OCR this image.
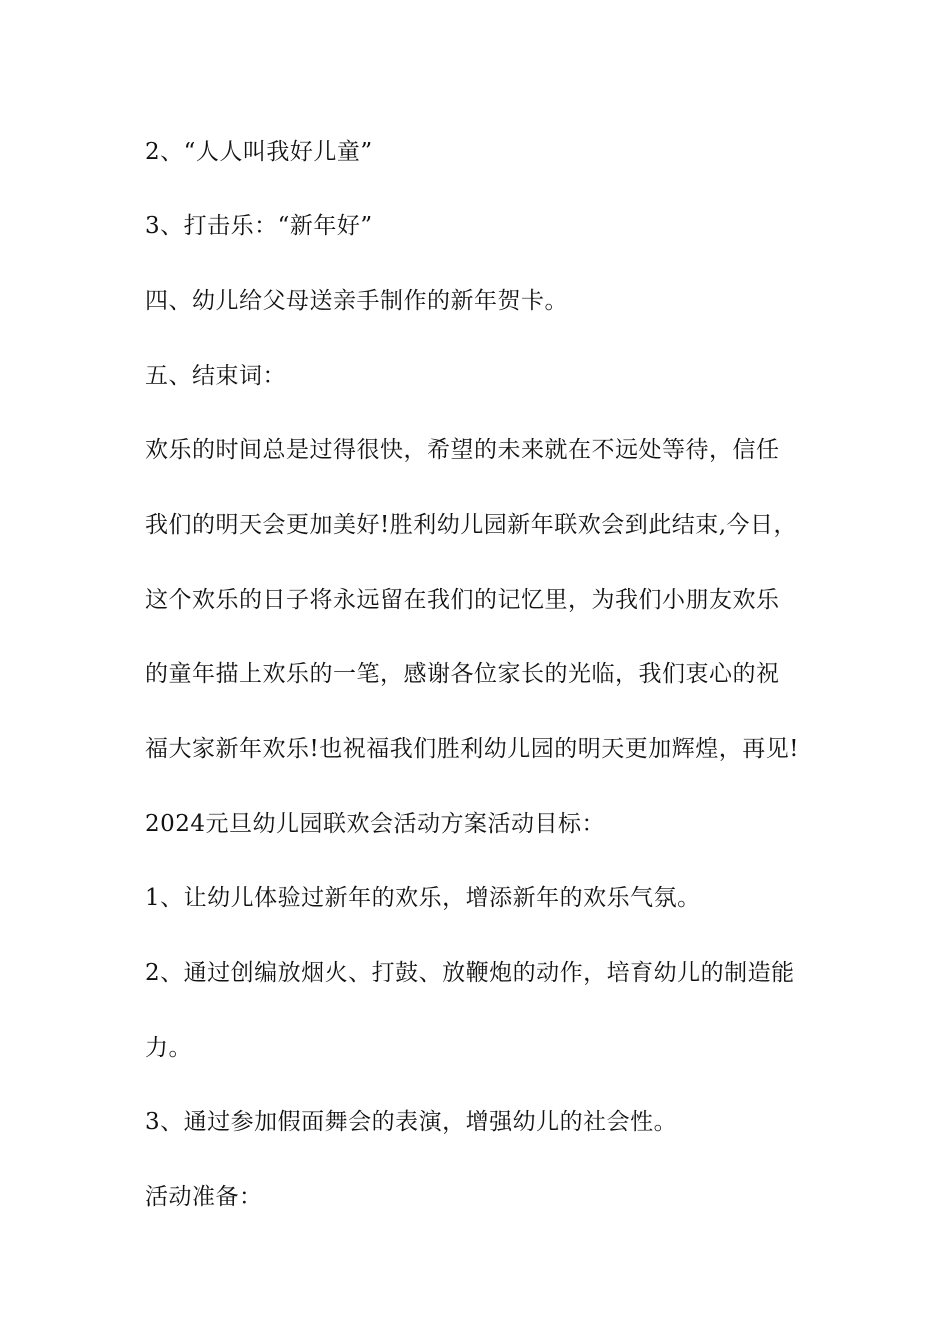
2、“人人叫我好儿童”
3、打击乐：“新年好”
四、幼儿给父母送亲手制作的新年贺卡。
五、结束词：
欢乐的时间总是过得很快，希望的未来就在不远处等待，信任
我们的明天会更加美好!胜利幼儿园新年联欢会到此结束,今日，
这个欢乐的日子将永远留在我们的记忆里，为我们小朋友欢乐
的童年描上欢乐的一笔，感谢各位家长的光临，我们衷心的祝
福大家新年欢乐!也祝福我们胜利幼儿园的明天更加辉煌，再见!
2024元旦幼儿园联欢会活动方案活动目标：
1、让幼儿体验过新年的欢乐，增添新年的欢乐气氛。
2、通过创编放烟火、打鼓、放鞭炮的动作，培育幼儿的制造能
力。
3、通过参加假面舞会的表演，增强幼儿的社会性。
活动准备：
